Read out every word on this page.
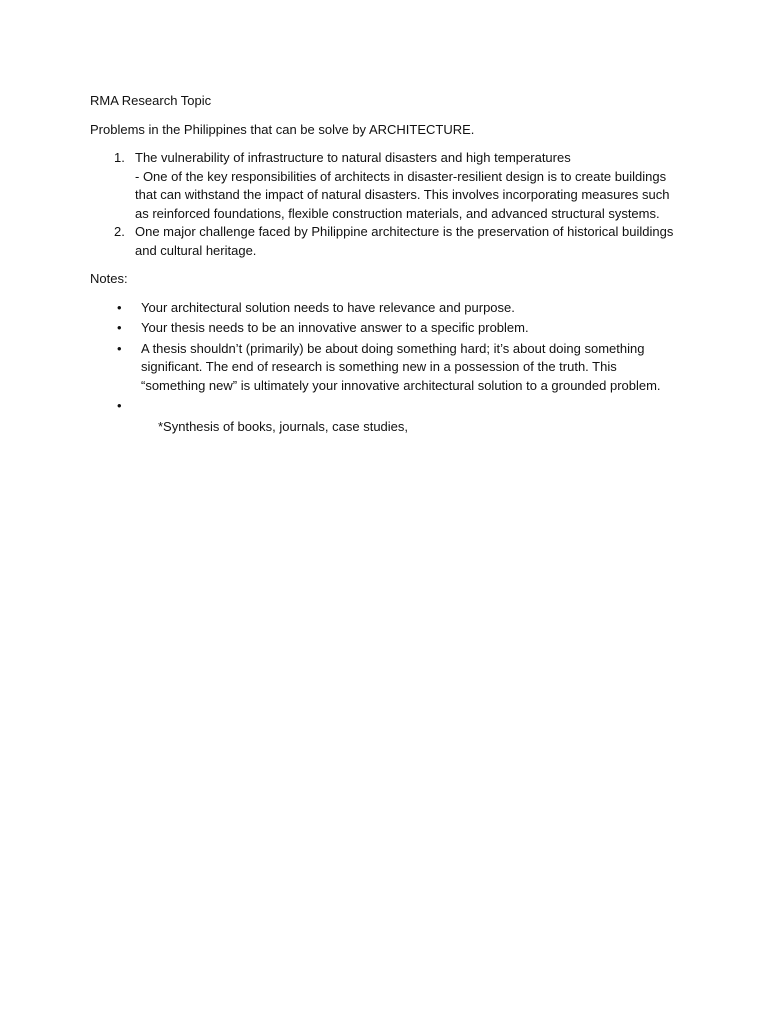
RMA Research Topic

Problems in the Philippines that can be solve by ARCHITECTURE.

1. The vulnerability of infrastructure to natural disasters and high temperatures
- One of the key responsibilities of architects in disaster-resilient design is to create buildings that can withstand the impact of natural disasters. This involves incorporating measures such as reinforced foundations, flexible construction materials, and advanced structural systems.
2. One major challenge faced by Philippine architecture is the preservation of historical buildings and cultural heritage.

Notes:

• Your architectural solution needs to have relevance and purpose.
• Your thesis needs to be an innovative answer to a specific problem.
• A thesis shouldn’t (primarily) be about doing something hard; it’s about doing something significant. The end of research is something new in a possession of the truth. This “something new” is ultimately your innovative architectural solution to a grounded problem.
•

*Synthesis of books, journals, case studies,
